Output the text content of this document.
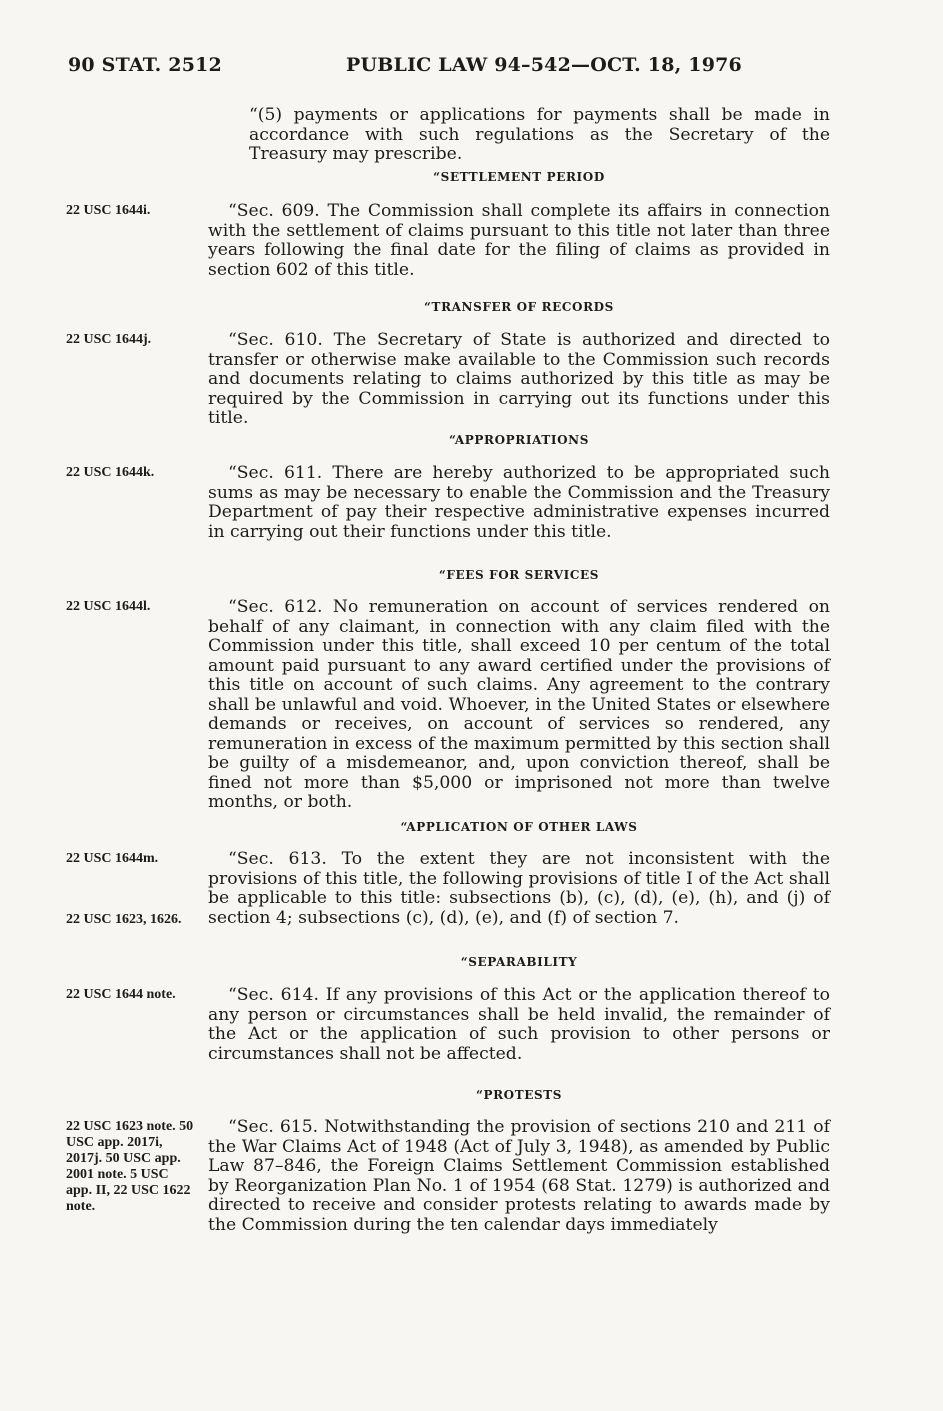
90 STAT. 2512	PUBLIC LAW 94–542—OCT. 18, 1976
“(5) payments or applications for payments shall be made in accordance with such regulations as the Secretary of the Treasury may prescribe.
“SETTLEMENT PERIOD
22 USC 1644i.	“Sec. 609. The Commission shall complete its affairs in connection with the settlement of claims pursuant to this title not later than three years following the final date for the filing of claims as provided in section 602 of this title.
“TRANSFER OF RECORDS
22 USC 1644j.	“Sec. 610. The Secretary of State is authorized and directed to transfer or otherwise make available to the Commission such records and documents relating to claims authorized by this title as may be required by the Commission in carrying out its functions under this title.
“APPROPRIATIONS
22 USC 1644k.	“Sec. 611. There are hereby authorized to be appropriated such sums as may be necessary to enable the Commission and the Treasury Department of pay their respective administrative expenses incurred in carrying out their functions under this title.
“FEES FOR SERVICES
22 USC 1644l.	“Sec. 612. No remuneration on account of services rendered on behalf of any claimant, in connection with any claim filed with the Commission under this title, shall exceed 10 per centum of the total amount paid pursuant to any award certified under the provisions of this title on account of such claims. Any agreement to the contrary shall be unlawful and void. Whoever, in the United States or elsewhere demands or receives, on account of services so rendered, any remuneration in excess of the maximum permitted by this section shall be guilty of a misdemeanor, and, upon conviction thereof, shall be fined not more than $5,000 or imprisoned not more than twelve months, or both.
“APPLICATION OF OTHER LAWS
22 USC 1644m.
22 USC 1623, 1626.
“Sec. 613. To the extent they are not inconsistent with the provisions of this title, the following provisions of title I of the Act shall be applicable to this title: subsections (b), (c), (d), (e), (h), and (j) of section 4; subsections (c), (d), (e), and (f) of section 7.
“SEPARABILITY
22 USC 1644 note.	“Sec. 614. If any provisions of this Act or the application thereof to any person or circumstances shall be held invalid, the remainder of the Act or the application of such provision to other persons or circumstances shall not be affected.
“PROTESTS
22 USC 1623 note. 50 USC app. 2017i, 2017j. 50 USC app. 2001 note. 5 USC app. II, 22 USC 1622 note.
“Sec. 615. Notwithstanding the provision of sections 210 and 211 of the War Claims Act of 1948 (Act of July 3, 1948), as amended by Public Law 87–846, the Foreign Claims Settlement Commission established by Reorganization Plan No. 1 of 1954 (68 Stat. 1279) is authorized and directed to receive and consider protests relating to awards made by the Commission during the ten calendar days immediately
